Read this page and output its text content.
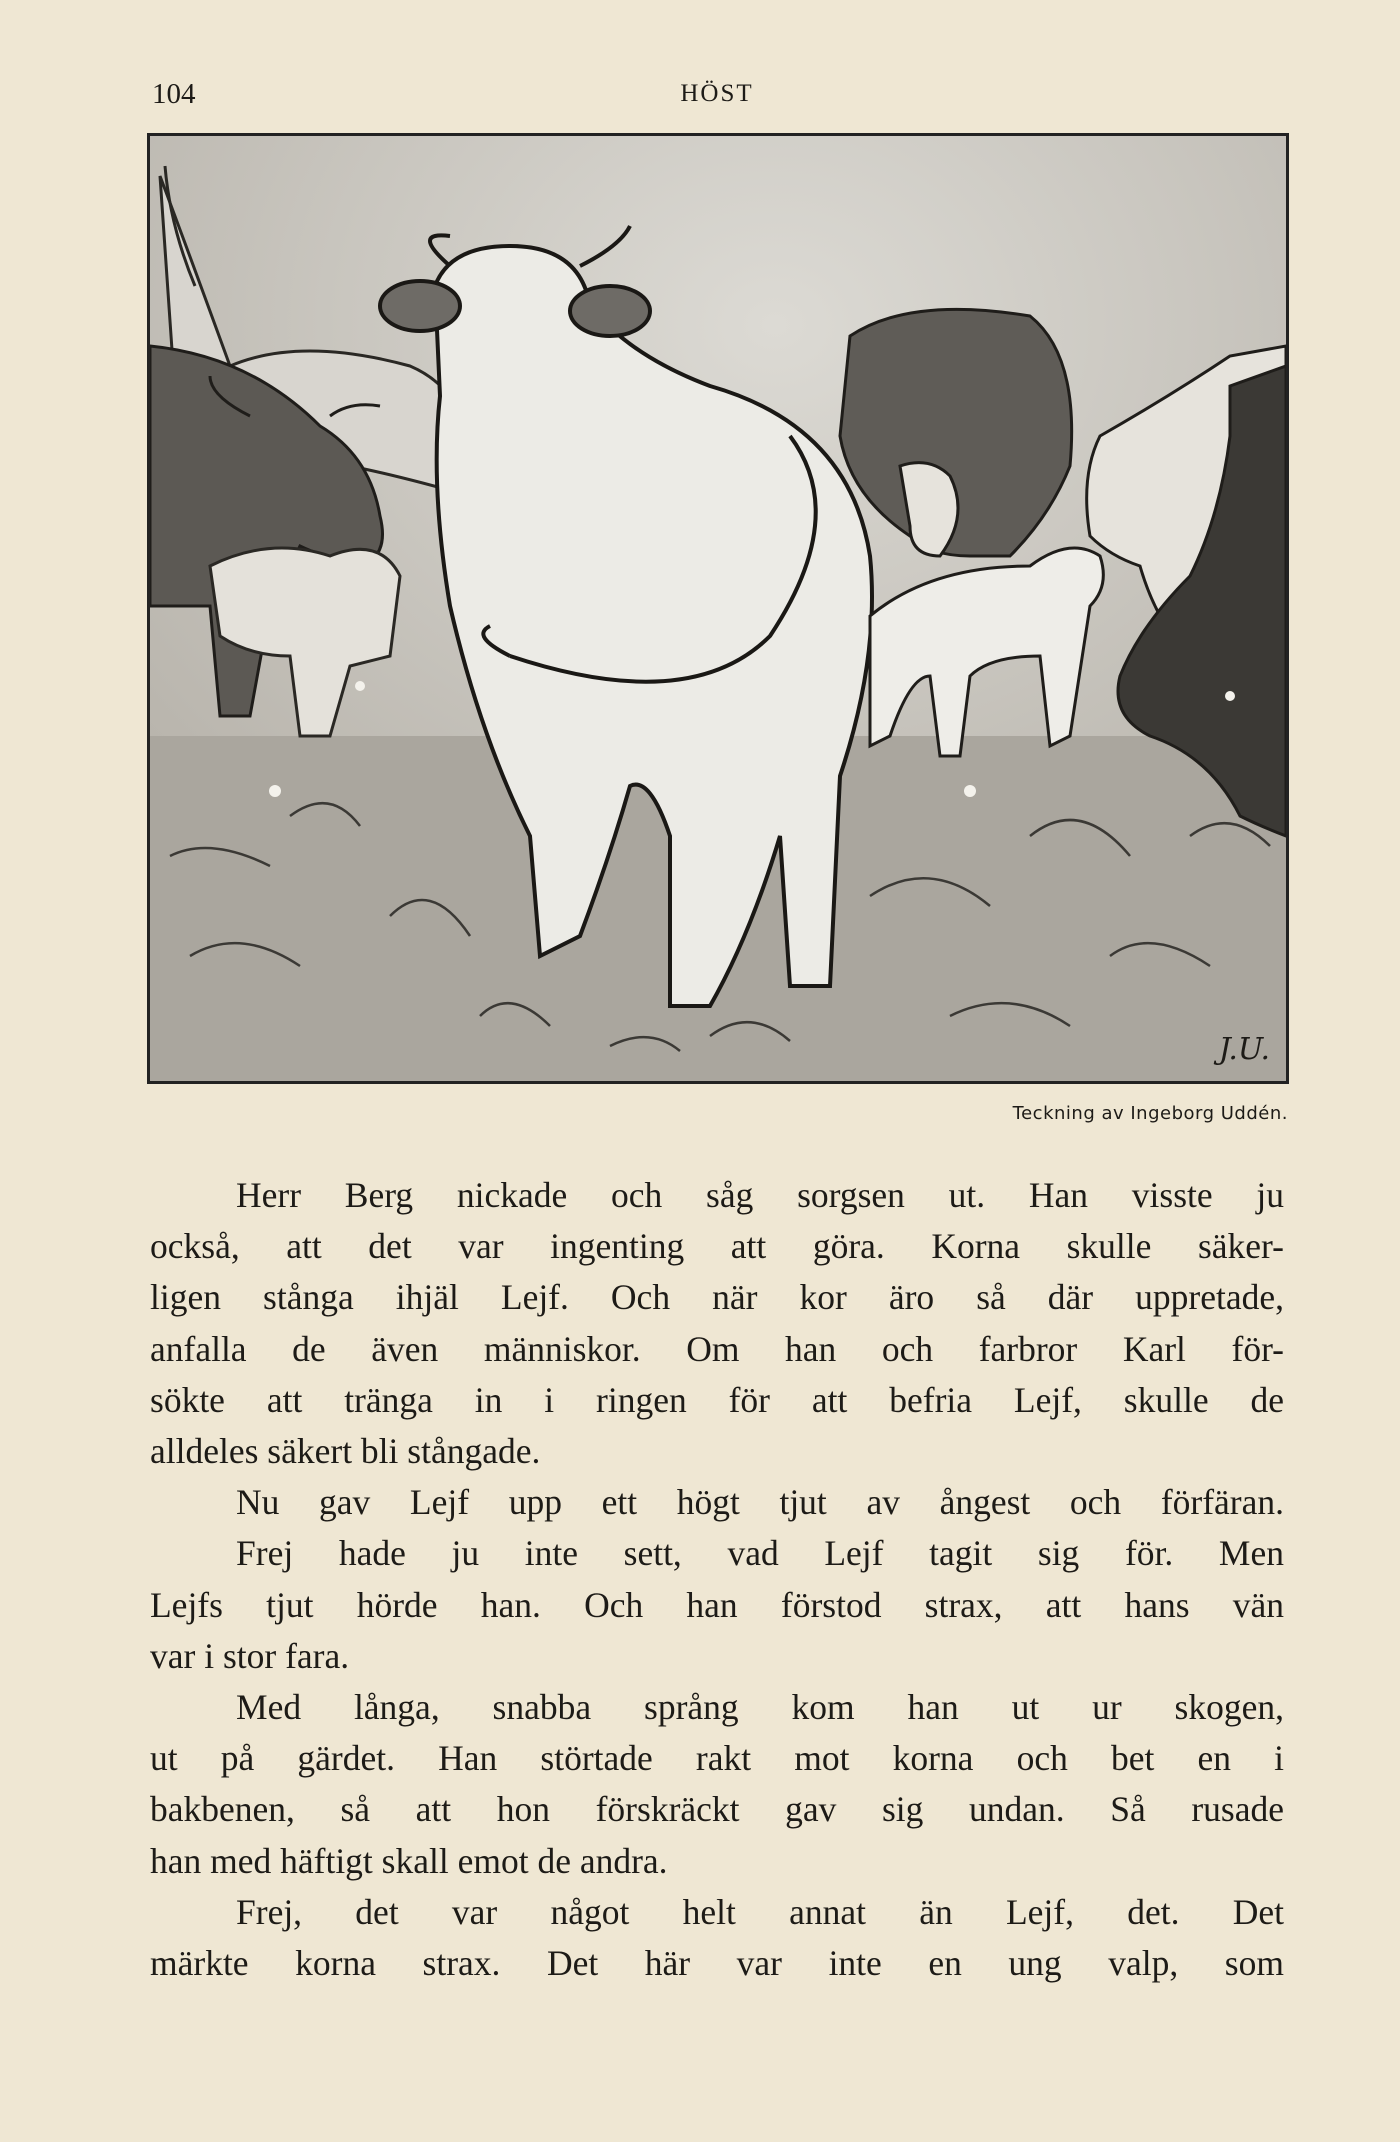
104	HÖST
J.U.
Teckning av Ingeborg Uddén.

Herr Berg nickade och såg sorgsen ut. Han visste ju
också, att det var ingenting att göra. Korna skulle säker-
ligen stånga ihjäl Lejf. Och när kor äro så där uppretade,
anfalla de även människor. Om han och farbror Karl för-
sökte att tränga in i ringen för att befria Lejf, skulle de
alldeles säkert bli stångade.

Nu gav Lejf upp ett högt tjut av ångest och förfäran.

Frej hade ju inte sett, vad Lejf tagit sig för. Men
Lejfs tjut hörde han. Och han förstod strax, att hans vän
var i stor fara.

Med långa, snabba språng kom han ut ur skogen,
ut på gärdet. Han störtade rakt mot korna och bet en i
bakbenen, så att hon förskräckt gav sig undan. Så rusade
han med häftigt skall emot de andra.

Frej, det var något helt annat än Lejf, det. Det
märkte korna strax. Det här var inte en ung valp, som
